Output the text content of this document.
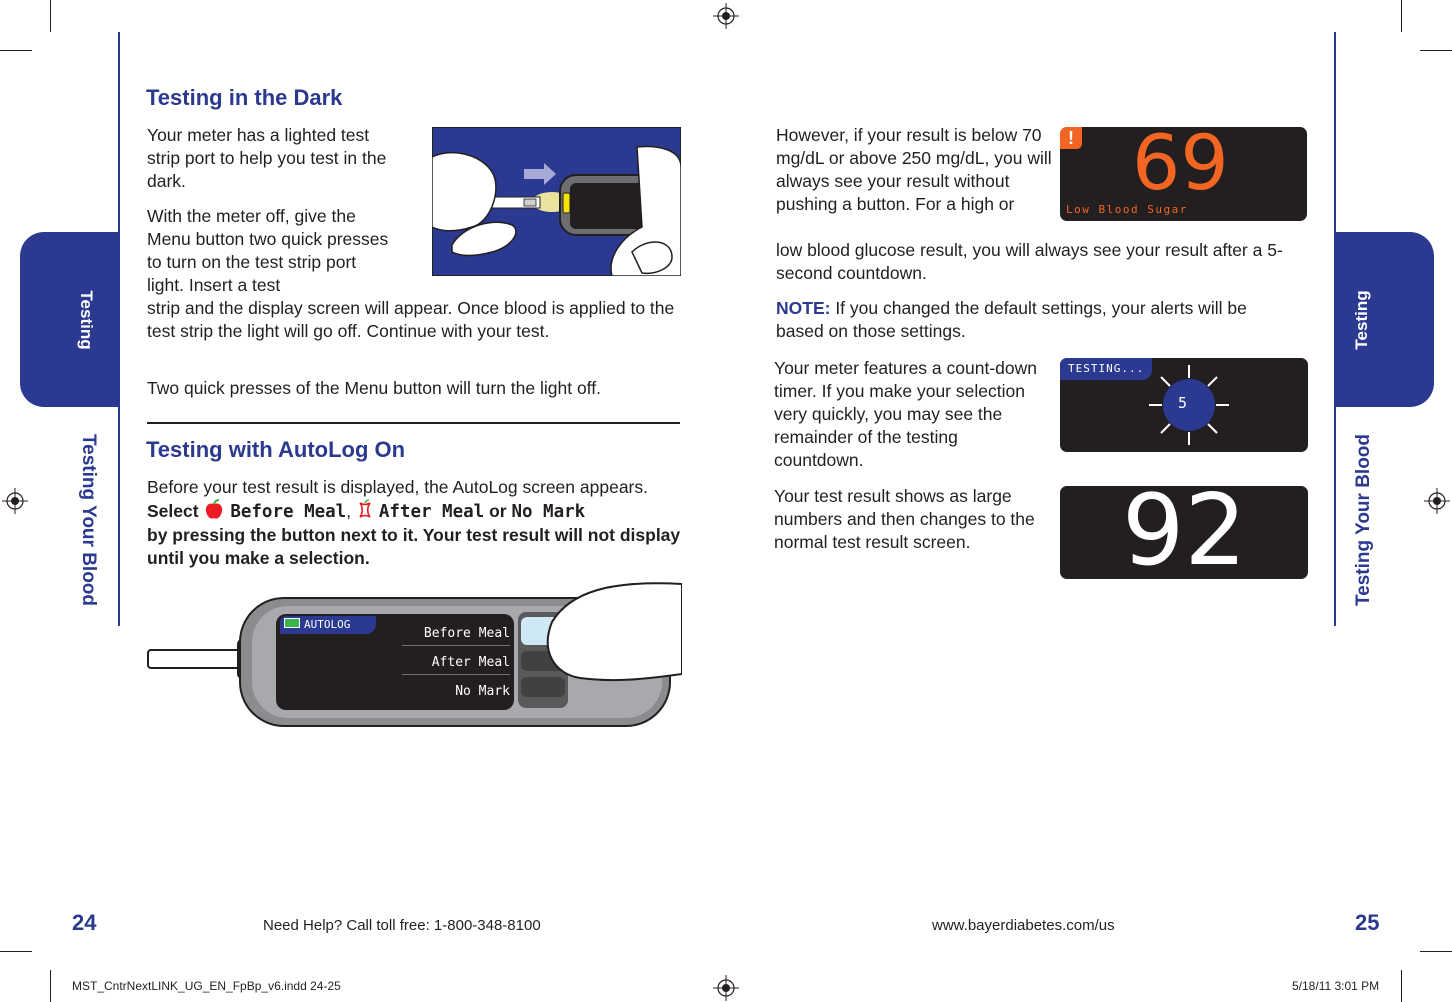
Testing
Testing Your Blood
Testing in the Dark

Your meter has a lighted test strip port to help you test in the dark.

With the meter off, give the Menu button two quick presses to turn on the test strip port light. Insert a test

strip and the display screen will appear. Once blood is applied to the test strip the light will go off. Continue with your test.

Two quick presses of the Menu button will turn the light off.

Testing with AutoLog On

Before your test result is displayed, the AutoLog screen appears.
Select Before Meal, After Meal or No Mark
by pressing the button next to it. Your test result will not display until you make a selection.

AUTOLOG
Before Meal
After Meal
No Mark
24	Need Help? Call toll free: 1-800-348-8100
Testing
Testing Your Blood

However, if your result is below 70 mg/dL or above 250 mg/dL, you will always see your result without pushing a button. For a high or

low blood glucose result, you will always see your result after a 5-second countdown.

NOTE: If you changed the default settings, your alerts will be based on those settings.

Your meter features a count-down timer. If you make your selection very quickly, you may see the remainder of the testing countdown.

Your test result shows as large numbers and then changes to the normal test result screen.

! 69
Low Blood Sugar
TESTING...
5
92
25
www.bayerdiabetes.com/us
MST_CntrNextLINK_UG_EN_FpBp_v6.indd 24-25	5/18/11 3:01 PM
